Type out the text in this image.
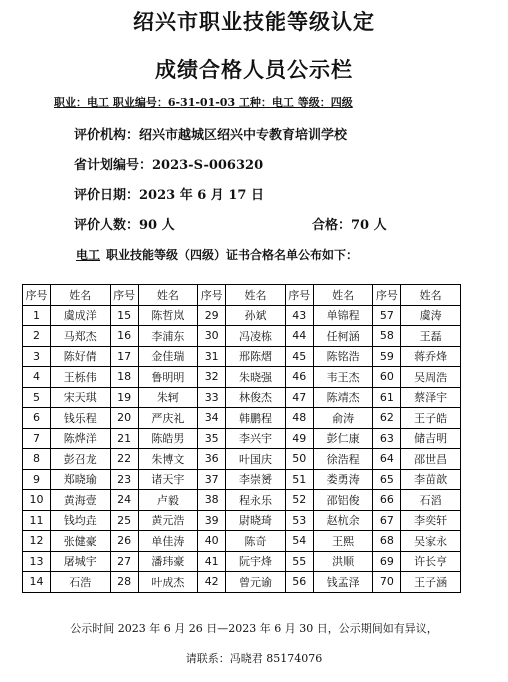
绍兴市职业技能等级认定
成绩合格人员公示栏
职业：电工 职业编号：6-31-01-03 工种：电工 等级：四级
评价机构：绍兴市越城区绍兴中专教育培训学校
省计划编号：2023-S-006320
评价日期：2023 年 6 月 17 日
评价人数：90 人	合格：70 人
电工 职业技能等级（四级）证书合格名单公布如下：
序号	姓名	序号	姓名	序号	姓名	序号	姓名	序号	姓名
1	虞成洋	15	陈哲岚	29	孙斌	43	单锦程	57	虞涛
2	马郑杰	16	李浦东	30	冯凌栋	44	任柯涵	58	王磊
3	陈好倩	17	金佳瑞	31	邢陈熠	45	陈铭浩	59	蒋乔烽
4	王栎伟	18	鲁明明	32	朱晓强	46	韦王杰	60	吴周浩
5	宋天琪	19	朱轲	33	林俊杰	47	陈靖杰	61	蔡泽宇
6	钱乐程	20	严庆礼	34	韩鹏程	48	俞涛	62	王子皓
7	陈烨洋	21	陈皓男	35	李兴宇	49	彭仁康	63	储吉明
8	彭召龙	22	朱博文	36	叶国庆	50	徐浩程	64	邵世昌
9	郑晓瑜	23	诸天宇	37	李崇赟	51	娄勇涛	65	李苗歆
10	黄海壹	24	卢毅	38	程永乐	52	邵铝俊	66	石滔
11	钱均垚	25	黄元浩	39	尉晓琦	53	赵杭余	67	李奕轩
12	张健豪	26	单佳涛	40	陈奇	54	王熙	68	吴家永
13	屠城宇	27	潘玮豪	41	阮宇烽	55	洪顺	69	许长亨
14	石浩	28	叶成杰	42	曾元谕	56	钱孟泽	70	王子涵
公示时间 2023 年 6 月 26 日—2023 年 6 月 30 日，公示期间如有异议，
请联系：冯晓君 85174076
